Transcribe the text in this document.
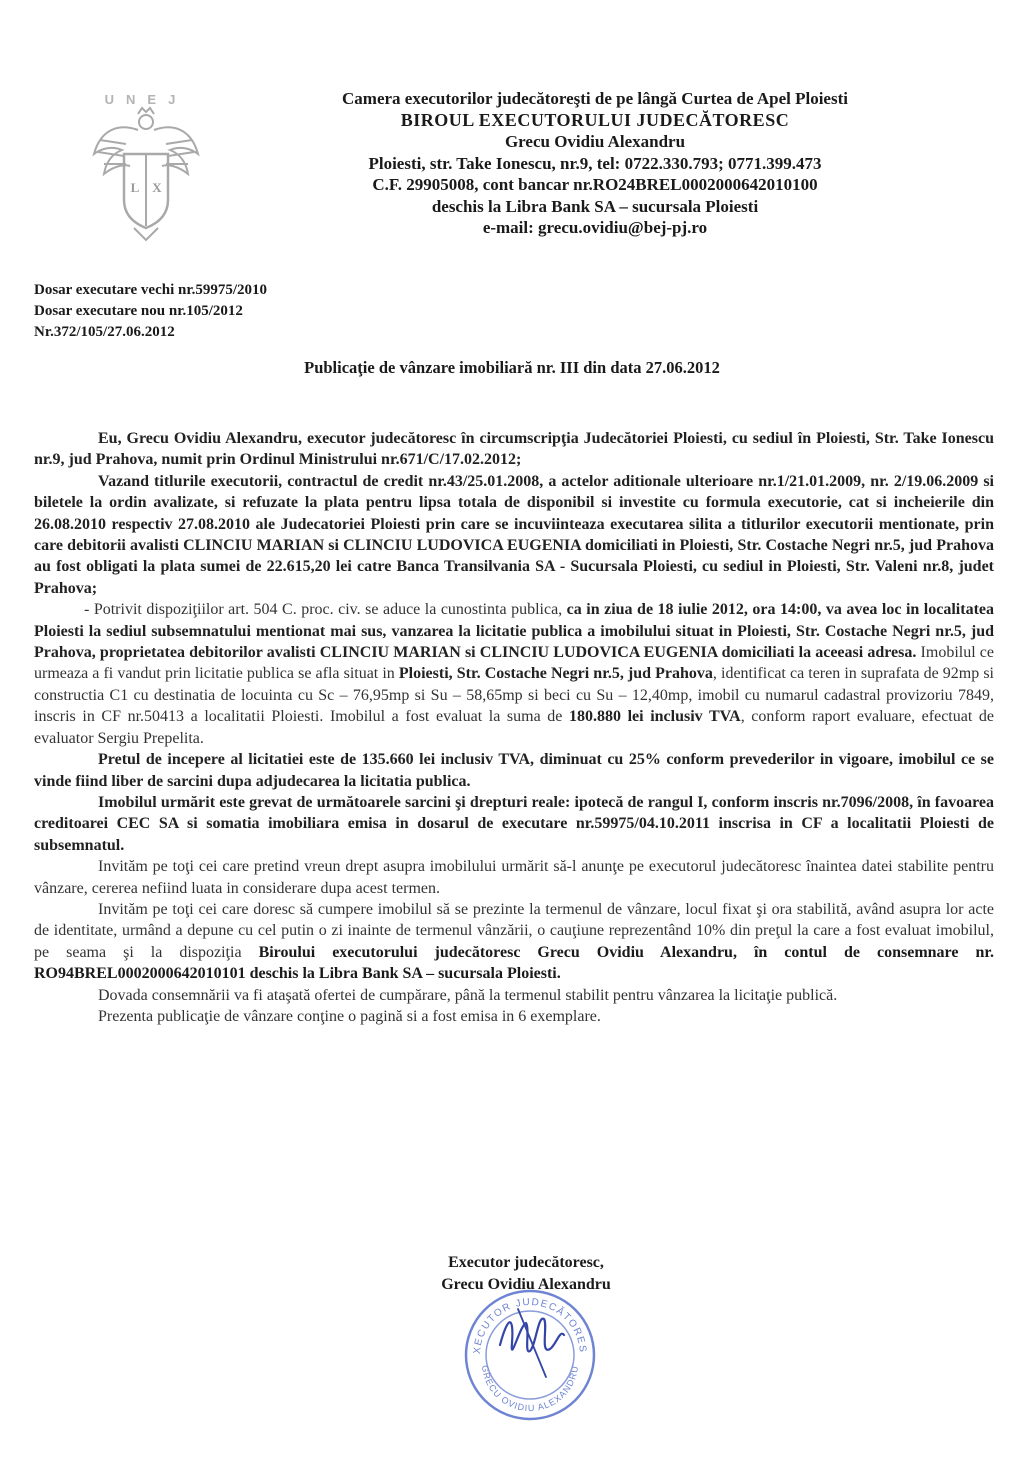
UNEJ
L X
Camera executorilor judecătoreşti de pe lângă Curtea de Apel Ploiesti
BIROUL EXECUTORULUI JUDECĂTORESC
Grecu Ovidiu Alexandru
Ploiesti, str. Take Ionescu, nr.9, tel: 0722.330.793; 0771.399.473
C.F. 29905008, cont bancar nr.RO24BREL0002000642010100
deschis la Libra Bank SA – sucursala Ploiesti
e-mail: grecu.ovidiu@bej-pj.ro
Dosar executare vechi nr.59975/2010
Dosar executare nou nr.105/2012
Nr.372/105/27.06.2012
Publicaţie de vânzare imobiliară nr. III din data 27.06.2012

Eu, Grecu Ovidiu Alexandru, executor judecătoresc în circumscripţia Judecătoriei Ploiesti, cu sediul în Ploiesti, Str. Take Ionescu nr.9, jud Prahova, numit prin Ordinul Ministrului nr.671/C/17.02.2012;

Vazand titlurile executorii, contractul de credit nr.43/25.01.2008, a actelor aditionale ulterioare nr.1/21.01.2009, nr. 2/19.06.2009 si biletele la ordin avalizate, si refuzate la plata pentru lipsa totala de disponibil si investite cu formula executorie, cat si incheierile din 26.08.2010 respectiv 27.08.2010 ale Judecatoriei Ploiesti prin care se incuviinteaza executarea silita a titlurilor executorii mentionate, prin care debitorii avalisti CLINCIU MARIAN si CLINCIU LUDOVICA EUGENIA domiciliati in Ploiesti, Str. Costache Negri nr.5, jud Prahova au fost obligati la plata sumei de 22.615,20 lei catre Banca Transilvania SA - Sucursala Ploiesti, cu sediul in Ploiesti, Str. Valeni nr.8, judet Prahova;

- Potrivit dispoziţiilor art. 504 C. proc. civ. se aduce la cunostinta publica, ca in ziua de 18 iulie 2012, ora 14:00, va avea loc in localitatea Ploiesti la sediul subsemnatului mentionat mai sus, vanzarea la licitatie publica a imobilului situat in Ploiesti, Str. Costache Negri nr.5, jud Prahova, proprietatea debitorilor avalisti CLINCIU MARIAN si CLINCIU LUDOVICA EUGENIA domiciliati la aceeasi adresa. Imobilul ce urmeaza a fi vandut prin licitatie publica se afla situat in Ploiesti, Str. Costache Negri nr.5, jud Prahova, identificat ca teren in suprafata de 92mp si constructia C1 cu destinatia de locuinta cu Sc – 76,95mp si Su – 58,65mp si beci cu Su – 12,40mp, imobil cu numarul cadastral provizoriu 7849, inscris in CF nr.50413 a localitatii Ploiesti. Imobilul a fost evaluat la suma de 180.880 lei inclusiv TVA, conform raport evaluare, efectuat de evaluator Sergiu Prepelita.

Pretul de incepere al licitatiei este de 135.660 lei inclusiv TVA, diminuat cu 25% conform prevederilor in vigoare, imobilul ce se vinde fiind liber de sarcini dupa adjudecarea la licitatia publica.

Imobilul urmărit este grevat de următoarele sarcini şi drepturi reale: ipotecă de rangul I, conform inscris nr.7096/2008, în favoarea creditoarei CEC SA si somatia imobiliara emisa in dosarul de executare nr.59975/04.10.2011 inscrisa in CF a localitatii Ploiesti de subsemnatul.

Invităm pe toţi cei care pretind vreun drept asupra imobilului urmărit să-l anunţe pe executorul judecătoresc înaintea datei stabilite pentru vânzare, cererea nefiind luata in considerare dupa acest termen.

Invităm pe toţi cei care doresc să cumpere imobilul să se prezinte la termenul de vânzare, locul fixat şi ora stabilită, având asupra lor acte de identitate, urmând a depune cu cel putin o zi inainte de termenul vânzării, o cauţiune reprezentând 10% din preţul la care a fost evaluat imobilul, pe seama şi la dispoziţia Biroului executorului judecătoresc Grecu Ovidiu Alexandru, în contul de consemnare nr. RO94BREL0002000642010101 deschis la Libra Bank SA – sucursala Ploiesti.

Dovada consemnării va fi ataşată ofertei de cumpărare, până la termenul stabilit pentru vânzarea la licitaţie publică.

Prezenta publicaţie de vânzare conţine o pagină si a fost emisa in 6 exemplare.

Executor judecătoresc,
Grecu Ovidiu Alexandru
XECUTOR JUDECĂTORES
GRECU OVIDIU ALEXANDRU
